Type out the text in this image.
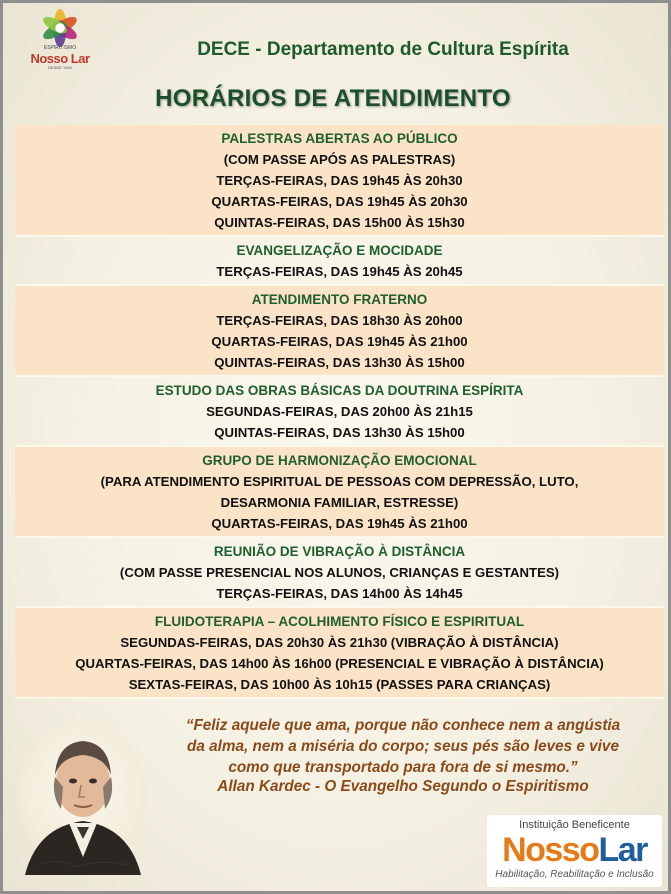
ESPIRITISMO
Nosso Lar
DESDE 1946
DECE - Departamento de Cultura Espírita
HORÁRIOS DE ATENDIMENTO
PALESTRAS ABERTAS AO PÚBLICO
(COM PASSE APÓS AS PALESTRAS)
TERÇAS-FEIRAS, DAS 19h45 ÀS 20h30
QUARTAS-FEIRAS, DAS 19h45 ÀS 20h30
QUINTAS-FEIRAS, DAS 15h00 ÀS 15h30
EVANGELIZAÇÃO E MOCIDADE
TERÇAS-FEIRAS, DAS 19h45 ÀS 20h45
ATENDIMENTO FRATERNO
TERÇAS-FEIRAS, DAS 18h30 ÀS 20h00
QUARTAS-FEIRAS, DAS 19h45 ÀS 21h00
QUINTAS-FEIRAS, DAS 13h30 ÀS 15h00
ESTUDO DAS OBRAS BÁSICAS DA DOUTRINA ESPÍRITA
SEGUNDAS-FEIRAS, DAS 20h00 ÀS 21h15
QUINTAS-FEIRAS, DAS 13h30 ÀS 15h00
GRUPO DE HARMONIZAÇÃO EMOCIONAL
(PARA ATENDIMENTO ESPIRITUAL DE PESSOAS COM DEPRESSÃO, LUTO,
DESARMONIA FAMILIAR, ESTRESSE)
QUARTAS-FEIRAS, DAS 19h45 ÀS 21h00
REUNIÃO DE VIBRAÇÃO À DISTÂNCIA
(COM PASSE PRESENCIAL NOS ALUNOS, CRIANÇAS E GESTANTES)
TERÇAS-FEIRAS, DAS 14h00 ÀS 14h45
FLUIDOTERAPIA – ACOLHIMENTO FÍSICO E ESPIRITUAL
SEGUNDAS-FEIRAS, DAS 20h30 ÀS 21h30 (VIBRAÇÃO À DISTÂNCIA)
QUARTAS-FEIRAS, DAS 14h00 ÀS 16h00 (PRESENCIAL E VIBRAÇÃO À DISTÂNCIA)
SEXTAS-FEIRAS, DAS 10h00 ÀS 10h15 (PASSES PARA CRIANÇAS)
“Feliz aquele que ama, porque não conhece nem a angústia
da alma, nem a miséria do corpo; seus pés são leves e vive
como que transportado para fora de si mesmo.”
Allan Kardec - O Evangelho Segundo o Espiritismo
Instituição Beneficente
NossoLar
Habilitação, Reabilitação e Inclusão
